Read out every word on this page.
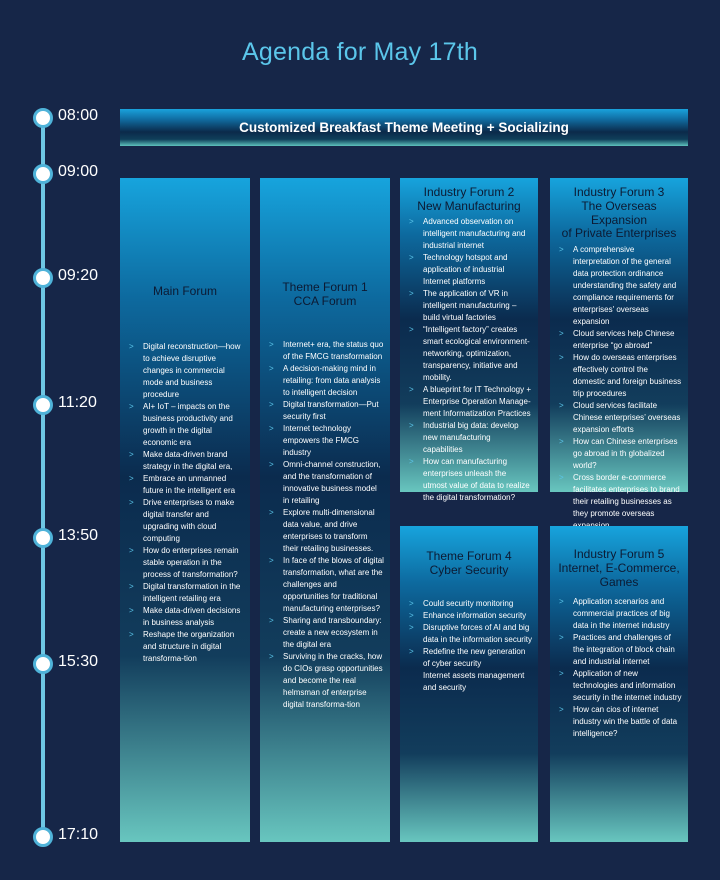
Agenda for May 17th
08:00
09:00
09:20
11:20
13:50
15:30
17:10
Customized Breakfast Theme Meeting + Socializing
Main Forum
> Digital reconstruction—how to achieve disruptive changes in commercial mode and business procedure
> AI+ IoT – impacts on the business productivity and growth in the digital economic era
> Make data-driven brand strategy in the digital era,
> Embrace an unmanned future in the intelligent era
> Drive enterprises to make digital transfer and upgrading with cloud computing
> How do enterprises remain stable operation in the process of transformation?
> Digital transformation in the intelligent retailing era
> Make data-driven decisions in business analysis
> Reshape the organization and structure in digital transforma-tion
Theme Forum 1
CCA Forum
> Internet+ era, the status quo of the FMCG transformation
> A decision-making mind in retailing: from data analysis to intelligent decision
> Digital transformation—Put security first
> Internet technology empowers the FMCG industry
> Omni-channel construction, and the transformation of innovative business model in retailing
> Explore multi-dimensional data value, and drive enterprises to transform their retailing businesses.
> In face of the blows of digital transformation, what are the challenges and opportunities for traditional manufacturing enterprises?
> Sharing and transboundary: create a new ecosystem in the digital era
> Surviving in the cracks, how do CIOs grasp opportunities and become the real helmsman of enterprise digital transforma-tion
Industry Forum 2
New Manufacturing
> Advanced observation on intelligent manufacturing and industrial internet
> Technology hotspot and application of industrial Internet platforms
> The application of VR in intelligent manufacturing – build virtual factories
> “Intelligent factory” creates smart ecological environment-networking, optimization, transparency, initiative and mobility.
> A blueprint for IT Technology + Enterprise Operation Manage-ment Informatization Practices
> Industrial big data: develop new manufacturing capabilities
> How can manufacturing enterprises unleash the utmost value of data to realize the digital transformation?
Industry Forum 3
The Overseas Expansion
of Private Enterprises
> A comprehensive interpretation of the general data protection ordinance understanding the safety and compliance requirements for enterprises' overseas expansion
> Cloud services help Chinese enterprise “go abroad”
> How do overseas enterprises effectively control the domestic and foreign business trip procedures
> Cloud services facilitate Chinese enterprises’ overseas expansion efforts
> How can Chinese enterprises go abroad in th globalized world?
> Cross border e-commerce facilitates enterprises to brand their retailing businesses as they promote overseas
Theme Forum 4
Cyber Security
> Could security monitoring
> Enhance information security
> Disruptive forces of AI and big data in the information security
> Redefine the new generation of cyber security
Internet assets management and security
Industry Forum 5
Internet, E-Commerce,
Games
> Application scenarios and commercial practices of big data in the internet industry
> Practices and challenges of the integration of block chain and industrial internet
> Application of new technologies and information security in the internet industry
> How can cios of internet industry win the battle of data intelligence?
